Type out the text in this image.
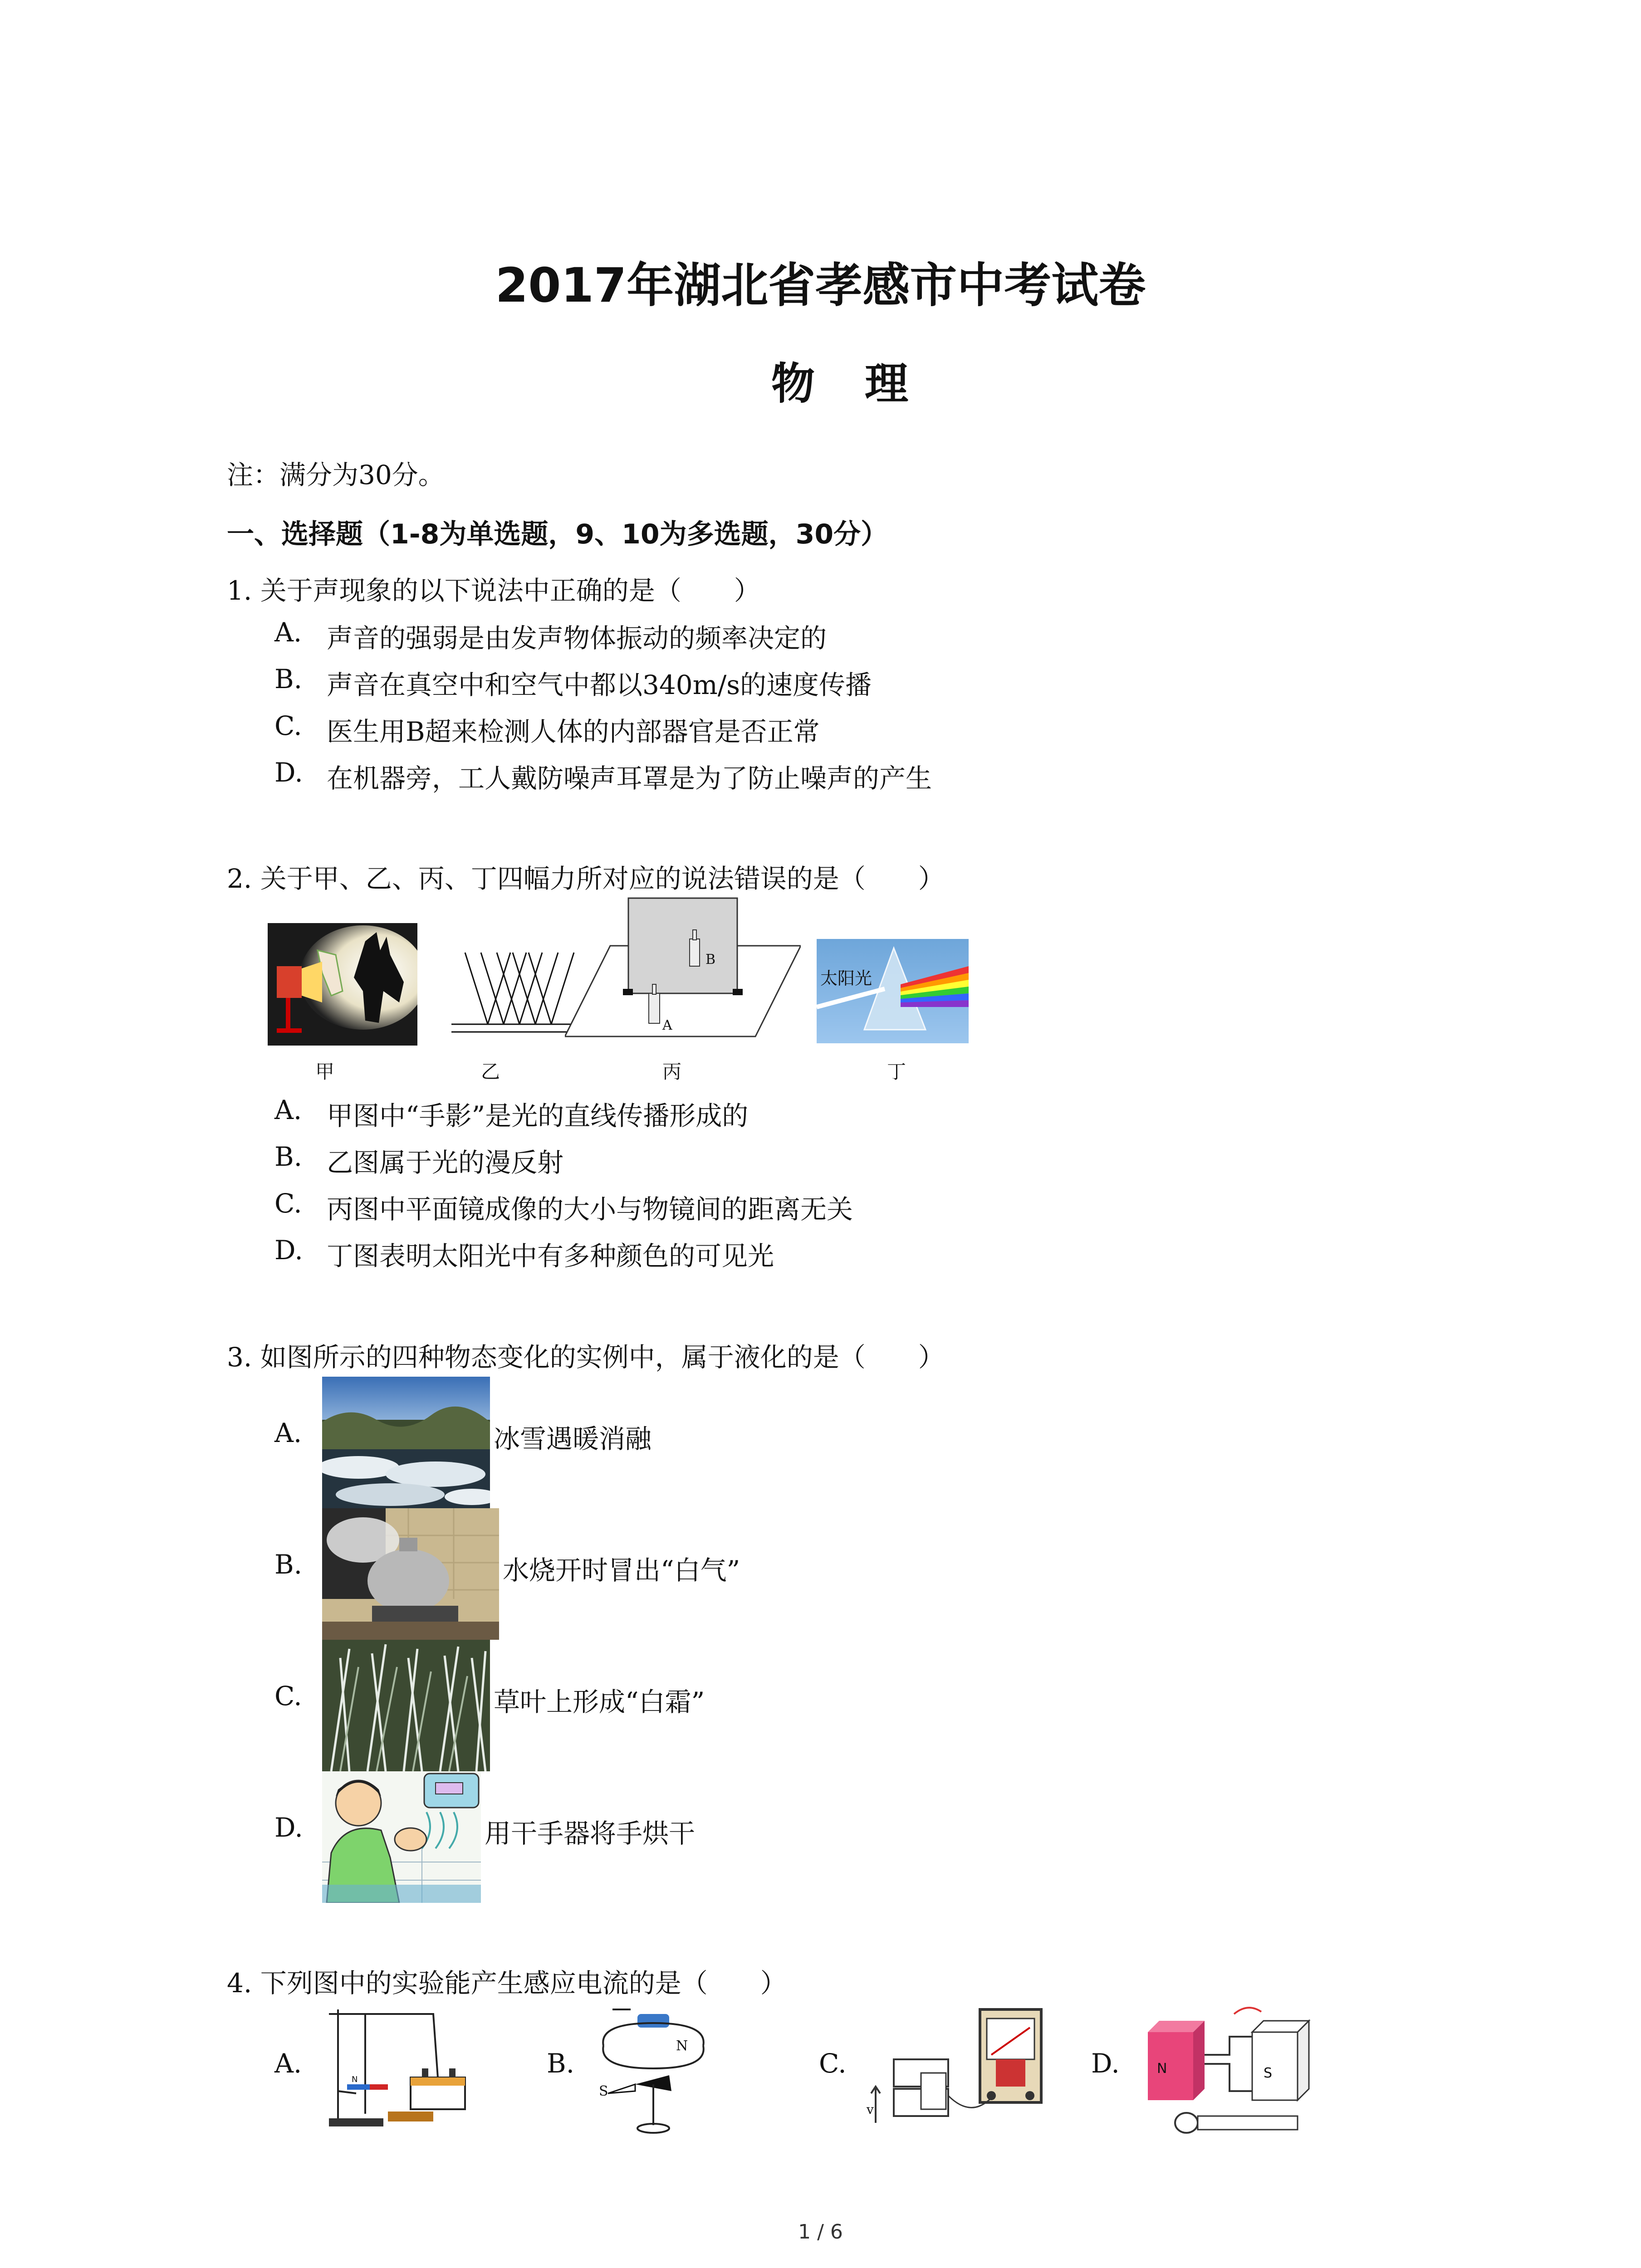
2017年湖北省孝感市中考试卷
物理
注：满分为30分。
一、选择题（1-8为单选题，9、10为多选题，30分）
1. 关于声现象的以下说法中正确的是（　　）
A. 声音的强弱是由发声物体振动的频率决定的
B. 声音在真空中和空气中都以340m/s的速度传播
C. 医生用B超来检测人体的内部器官是否正常
D. 在机器旁，工人戴防噪声耳罩是为了防止噪声的产生
2. 关于甲、乙、丙、丁四幅力所对应的说法错误的是（　　）
B
A
太阳光
甲	乙	丙	丁
A. 甲图中“手影”是光的直线传播形成的
B. 乙图属于光的漫反射
C. 丙图中平面镜成像的大小与物镜间的距离无关
D. 丁图表明太阳光中有多种颜色的可见光
3. 如图所示的四种物态变化的实例中，属于液化的是（　　）
A.	冰雪遇暖消融
B.	水烧开时冒出“白气”
C.	草叶上形成“白霜”
D.	用干手器将手烘干
4. 下列图中的实验能产生感应电流的是（　　）
A.
N
B.
N
S
C.
v
D.	N	S
1 / 6
